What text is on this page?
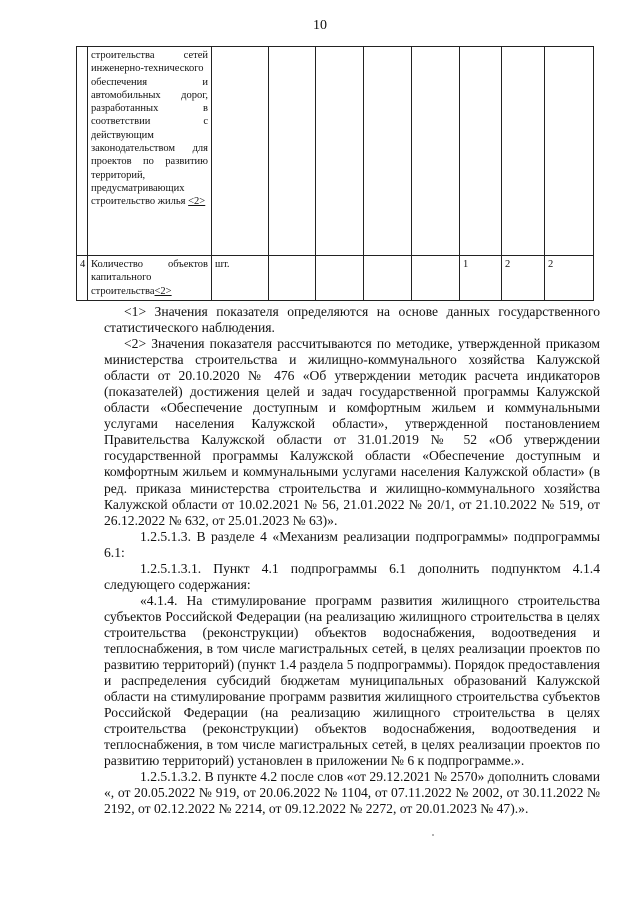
10
	строительства сетей инженерно-технического обеспечения и автомобильных дорог, разработанных в соответствии с действующим законодательством для проектов по развитию территорий, предусматривающих строительство жилья <2>								
4	Количество объектов капитального строительства<2>	шт.					1	2	2

<1> Значения показателя определяются на основе данных государственного статистического наблюдения.

<2> Значения показателя рассчитываются по методике, утвержденной приказом министерства строительства и жилищно-коммунального хозяйства Калужской области от 20.10.2020 № 476 «Об утверждении методик расчета индикаторов (показателей) достижения целей и задач государственной программы Калужской области «Обеспечение доступным и комфортным жильем и коммунальными услугами населения Калужской области», утвержденной постановлением Правительства Калужской области от 31.01.2019 № 52 «Об утверждении государственной программы Калужской области «Обеспечение доступным и комфортным жильем и коммунальными услугами населения Калужской области» (в ред. приказа министерства строительства и жилищно-коммунального хозяйства Калужской области от 10.02.2021 № 56, 21.01.2022 № 20/1, от 21.10.2022 № 519, от 26.12.2022 № 632, от 25.01.2023 № 63)».

1.2.5.1.3. В разделе 4 «Механизм реализации подпрограммы» подпрограммы 6.1:

1.2.5.1.3.1. Пункт 4.1 подпрограммы 6.1 дополнить подпунктом 4.1.4 следующего содержания:

«4.1.4. На стимулирование программ развития жилищного строительства субъектов Российской Федерации (на реализацию жилищного строительства в целях строительства (реконструкции) объектов водоснабжения, водоотведения и теплоснабжения, в том числе магистральных сетей, в целях реализации проектов по развитию территорий) (пункт 1.4 раздела 5 подпрограммы). Порядок предоставления и распределения субсидий бюджетам муниципальных образований Калужской области на стимулирование программ развития жилищного строительства субъектов Российской Федерации (на реализацию жилищного строительства в целях строительства (реконструкции) объектов водоснабжения, водоотведения и теплоснабжения, в том числе магистральных сетей, в целях реализации проектов по развитию территорий) установлен в приложении № 6 к подпрограмме.».

1.2.5.1.3.2. В пункте 4.2 после слов «от 29.12.2021 № 2570» дополнить словами «, от 20.05.2022 № 919, от 20.06.2022 № 1104, от 07.11.2022 № 2002, от 30.11.2022 № 2192, от 02.12.2022 № 2214, от 09.12.2022 № 2272, от 20.01.2023 № 47).».
